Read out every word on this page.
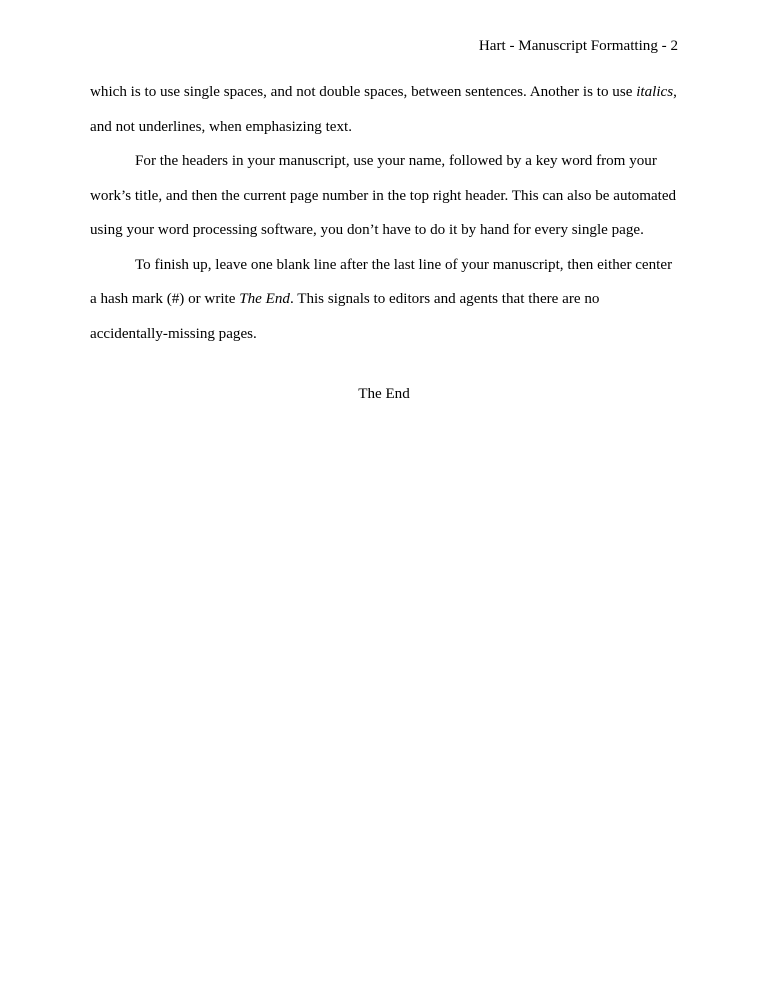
Hart - Manuscript Formatting - 2
which is to use single spaces, and not double spaces, between sentences. Another is to use italics,
and not underlines, when emphasizing text.
For the headers in your manuscript, use your name, followed by a key word from your
work’s title, and then the current page number in the top right header. This can also be automated
using your word processing software, you don’t have to do it by hand for every single page.
To finish up, leave one blank line after the last line of your manuscript, then either center
a hash mark (#) or write The End. This signals to editors and agents that there are no
accidentally-missing pages.
The End
